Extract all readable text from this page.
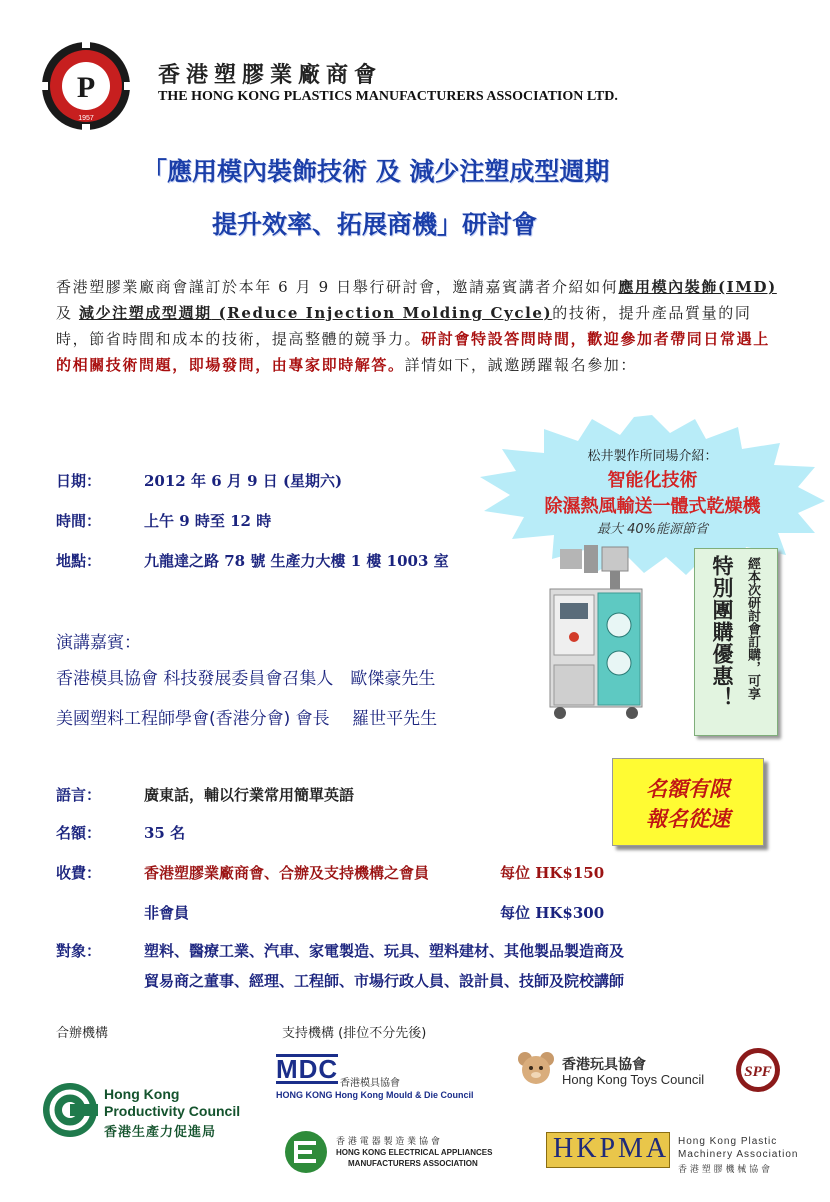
P
1957
香港塑膠業廠商會
THE HONG KONG PLASTICS MANUFACTURERS ASSOCIATION LTD.
「應用模內裝飾技術 及 減少注塑成型週期
提升效率、拓展商機」研討會
香港塑膠業廠商會謹訂於本年 6 月 9 日舉行研討會，邀請嘉賓講者介紹如何應用模內裝飾(IMD) 及 減少注塑成型週期 (Reduce Injection Molding Cycle)的技術，提升產品質量的同時，節省時間和成本的技術，提高整體的競爭力。研討會特設答問時間，歡迎參加者帶同日常遇上的相關技術問題，即場發問，由專家即時解答。詳情如下，誠邀踴躍報名參加：
松井製作所同場介紹：
智能化技術
除濕熱風輸送一體式乾燥機
最大 40%能源節省
日期：	2012 年 6 月 9 日 (星期六)
時間：	上午 9 時至 12 時
地點：	九龍達之路 78 號 生產力大樓 1 樓 1003 室
演講嘉賓：
香港模具協會 科技發展委員會召集人　歐傑豪先生
美國塑料工程師學會(香港分會) 會長　 羅世平先生
經本次研討會訂購，可享
特別團購優惠！
語言：	廣東話，輔以行業常用簡單英語
名額：	35 名
名額有限
報名從速
收費：	香港塑膠業廠商會、合辦及支持機構之會員	每位 HK$150
非會員	每位 HK$300
對象：	塑料、醫療工業、汽車、家電製造、玩具、塑料建材、其他製品製造商及
貿易商之董事、經理、工程師、市場行政人員、設計員、技師及院校講師
合辦機構	支持機構 (排位不分先後)
Hong Kong
Productivity Council
香港生產力促進局
MDC 香港模具協會
HONG KONG Hong Kong Mould & Die Council
香港玩具協會
Hong Kong Toys Council	SPF
香 港 電 器 製 造 業 協 會
HONG KONG ELECTRICAL APPLIANCES
MANUFACTURERS ASSOCIATION	HKPMA Hong Kong Plastic
Machinery Association
香 港 塑 膠 機 械 協 會
